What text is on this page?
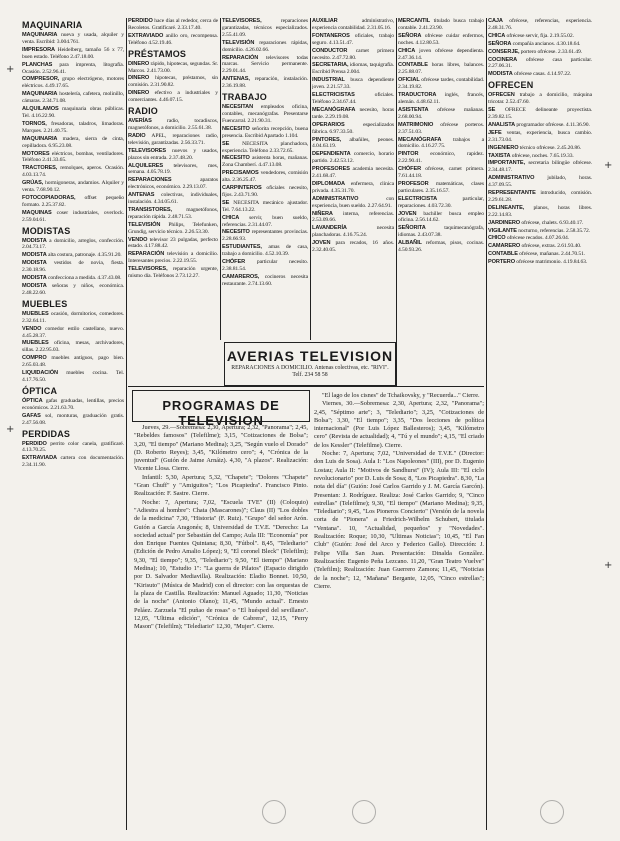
MAQUINARIA

MAQUINARIA nueva y usada, alquiler y venta. Escribid: 3.004.761.

IMPRESORA Heidelberg, tamaño 56 x 77, buen estado. Teléfono 2.47.18.00.

PLANCHAS para imprenta, litografía. Ocasión. 2.52.96.41.

COMPRESOR, grupo electrógeno, motores eléctricos. 4.49.17.65.

MAQUINARIA hostelería, cafetera, molinillo, cámaras. 2.34.71.08.

ALQUILAMOS maquinaria obras públicas. Tel. 4.16.22.90.

TORNOS, fresadoras, taladros, limadoras. Marques. 2.21.40.75.

MAQUINARIA madera, sierra de cinta, cepilladora. 6.95.23.08.

MOTORES eléctricos, bombas, ventiladores. Teléfono 2.41.33.65.

TRACTORES, remolques, aperos. Ocasión. 4.03.13.74.

GRÚAS, hormigoneras, andamios. Alquiler y venta. 7.68.90.12.

FOTOCOPIADORAS, offset pequeño formato. 2.25.37.82.

MAQUINAS coser industriales, overlock. 2.59.04.61.

MODISTAS

MODISTA a domicilio, arreglos, confección. 2.04.73.17.

MODISTA alta costura, patronaje. 4.35.91.20.

MODISTA vestidos de novia, fiesta. 2.30.18.96.

MODISTA confecciona a medida. 4.37.43.08.

MODISTA señoras y niños, económica. 2.48.22.60.

MUEBLES

MUEBLES ocasión, dormitorios, comedores. 2.32.64.11.

VENDO comedor estilo castellano, nuevo. 4.45.28.37.

MUEBLES oficina, mesas, archivadores, sillas. 2.22.95.03.

COMPRO muebles antiguos, pago bien. 2.65.03.48.

LIQUIDACIÓN muebles cocina. Tel. 4.17.76.50.

ÓPTICA

ÓPTICA gafas graduadas, lentillas, precios económicos. 2.21.63.70.

GAFAS sol, monturas, graduación gratis. 2.47.56.08.

PERDIDAS

PERDIDO perrito color canela, gratificaré. 4.13.70.25.

EXTRAVIADA cartera con documentación. 2.34.11.90.

PERDIDO hace días al rededor, cerca de Recoletos. Gratificaré. 2.33.17.40.

EXTRAVIADO anillo oro, recompensa. Teléfono 4.52.19.46.

PRÉSTAMOS

DINERO rápido, hipotecas, segundas. Sr. Marcos. 2.41.73.00.

DINERO hipotecas, préstamos, sin comisión. 2.31.90.82.

DINERO efectivo a industriales y comerciantes. 4.46.07.15.

RADIO

AVERÍAS radio, tocadiscos, magnetófonos, a domicilio. 2.55.61.38.

RADIO APEL, reparaciones radio, televisión, garantizadas. 2.56.33.71.

TELEVISORES nuevos y usados, plazos sin entrada. 2.37.48.20.

ALQUILERES televisores, mes, semana. 4.05.78.19.

REPARACIONES aparatos electrónicos, económico. 2.29.13.07.

ANTENAS colectivas, individuales, instalación. 4.34.05.61.

TRANSISTORES, magnetófonos, reparación rápida. 2.48.71.53.

TELEVISIÓN Philips, Telefunken, Grundig, servicio técnico. 2.26.53.30.

VENDO televisor 23 pulgadas, perfecto estado. 4.17.88.42.

REPARACIÓN televisión a domicilio. Interesantes precios. 2.22.19.55.

TELEVISORES, reparación urgente, mismo día. Teléfonos 2.73.12.27.

TELEVISORES, reparaciones garantizadas, técnicos especializados. 2.55.41.09.

TELEVISIÓN reparaciones rápidas, domicilio. 4.26.02.66.

REPARACIÓN televisores todas marcas. Servicio permanente. 2.29.01.44.

ANTENAS, reparación, instalación. 2.36.19.88.

TRABAJO

NECESITAN empleados oficina, contables, mecanógrafas. Presentarse Fuencarral. 2.21.90.31.

NECESITO señorita recepción, buena presencia. Escribid Apartado 1.104.

SE NECESITA planchadora, experiencia. Teléfono 2.33.72.65.

NECESITO asistenta horas, mañanas. Zona Chamberí. 4.47.13.08.

PRECISAMOS vendedores, comisión alta. 2.36.25.47.

CARPINTEROS oficiales necesito, fijos. 2.43.71.90.

SE NECESITA mecánico ajustador. Tel. 7.64.13.22.

CHICA servir, buen sueldo, referencias. 2.31.44.07.

NECESITO representantes provincias. 2.28.66.93.

ESTUDIANTES, amas de casa, trabajo a domicilio. 4.52.10.39.

CHÓFER particular necesito. 2.38.81.54.

CAMAREROS, cocineros necesita restaurante. 2.74.13.60.

AUXILIAR administrativo, experiencia contabilidad. 2.31.05.16.

FONTANEROS oficiales, trabajo seguro. 4.13.51.47.

CONDUCTOR carnet primera necesito. 2.47.72.80.

SECRETARIA, idiomas, taquigrafía. Escribid Prensa 2.004.

INDUSTRIAL busca dependiente joven. 2.21.57.33.

ELECTRICISTAS oficiales. Teléfono 2.34.67.44.

MECANÓGRAFA necesito, horas tarde. 2.29.19.08.

OPERARIOS especializados fábrica. 6.97.33.50.

PINTORES, albañiles, peones. 4.04.63.19.

DEPENDIENTA comercio, horario partido. 2.42.53.12.

PROFESORES academia necesita. 2.41.68.47.

DIPLOMADA enfermera, clínica privada. 4.35.31.70.

ADMINISTRATIVO con experiencia, buen sueldo. 2.27.64.91.

NIÑERA interna, referencias. 2.53.09.66.

LAVANDERÍA necesita planchadoras. 4.16.75.24.

JOVEN para recados, 16 años. 2.32.40.05.

MERCANTIL titulado busca trabajo contable. 2.41.23.90.

SEÑORA ofrécese cuidar enfermos, noches. 4.12.80.53.

CHICA joven ofrécese dependienta. 2.47.36.14.

CONTABLE horas libres, balances. 2.25.88.07.

OFICIAL ofrécese tardes, contabilidad. 2.34.19.82.

TRADUCTORA inglés, francés, alemán. 4.48.62.11.

ASISTENTA ofrécese mañanas. 2.68.00.94.

MATRIMONIO ofrécese porteros. 2.37.51.03.

MECANÓGRAFA trabajos a domicilio. 4.16.27.75.

PINTOR económico, rapidez. 2.22.90.41.

CHÓFER ofrécese, carnet primera. 7.61.44.18.

PROFESOR matemáticas, clases particulares. 2.35.16.57.

ELECTRICISTA particular, reparaciones. 4.03.72.30.

JOVEN bachiller busca empleo oficina. 2.56.14.62.

SEÑORITA taquimecanógrafa, idiomas. 2.43.07.38.

ALBAÑIL reformas, pisos, cocinas. 4.50.93.26.

CAJA ofrécese, referencias, experiencia. 2.48.31.76.

CHICA ofrécese servir, fija. 2.19.55.02.

SEÑORA compañía ancianos. 4.30.18.64.

CONSERJE, portero ofrécese. 2.33.61.49.

COCINERA ofrécese casa particular. 2.27.06.31.

MODISTA ofrécese casas. 4.14.97.22.

OFRECEN

OFRECEN trabajo a domicilio, máquina tricotar. 2.52.47.60.

SE OFRECE delineante proyectista. 2.39.82.15.

ANALISTA programador ofrécese. 4.11.36.90.

JEFE ventas, experiencia, busca cambio. 2.31.73.04.

INGENIERO técnico ofrécese. 2.45.20.86.

TAXISTA ofrécese, noches. 7.65.19.33.

IMPORTANTE, secretaria bilingüe ofrécese. 2.34.48.17.

ADMINISTRATIVO jubilado, horas. 4.37.09.55.

REPRESENTANTE introducido, comisión. 2.29.61.28.

DELINEANTE, planos, horas libres. 2.22.14.83.

JARDINERO ofrécese, chalets. 6.93.40.17.

VIGILANTE nocturno, referencias. 2.58.35.72.

CHICO ofrécese recados. 4.07.26.04.

CAMARERO ofrécese, extras. 2.61.93.40.

CONTABLE ofrécese, mañanas. 2.44.70.51.

PORTERO ofrécese matrimonio. 4.19.84.63.

AVERIAS TELEVISION
REPARACIONES A DOMICILIO. Antenas colectivas, etc. "RIVI". Telf. 234 58 58
PROGRAMAS DE TELEVISION

Jueves, 29.—Sobremesa: 2,30, Apertura; 2,32, "Panorama"; 2,45, "Rebeldes famosos" (Telefilme); 3,15, "Cotizaciones de Bolsa"; 3,20, "El tiempo" (Mariano Medina); 3,25, "Según vuelo el Dorado" (D. Roberto Reyes); 3,45, "Kilómetro cero"; 4, "Crónica de la juventud" (Guión de Jaime Arnáiz). 4,30, "A plazos". Realización: Vicente Llosa. Cierre.

Infantil: 5,30, Apertura; 5,32, "Chapete"; "Dolores "Chapete" "Gran Chuff" y "Amiguitos"; "Los Picapiedra". Francisco Pinto. Realización: F. Sastre. Cierre.

Noche: 7, Apertura; 7,02, "Escuela TVE" (II) (Coloquio) "Adiestra al hombre": Chata (Mascarones)"; Claus (II) "Los dobles de la medicina" 7,30, "Historia" (F. Ruiz). "Grupo" del señor Arón. Guión a García Aragonés; 8, Universidad de T.V.E. "Derecho: La sociedad actual" por Sebastián del Campo; Aula III: "Economía" por don Enrique Fuentes Quintana; 8,30, "Fútbol". 8,45, "Telediario" (Edición de Pedro Amalio López); 9, "El coronel Bleck" (Telefilm); 9,30, "El tiempo"; 9,35, "Telediario"; 9,50, "El tiempo" (Mariano Medina); 10, "Estudio 1": "La guerra de Pilatos" (Espacio dirigido por D. Salvador Mediavilla). Realización: Eladio Bonnet. 10,50, "Kirisuto" (Música de Madrid) con el director: con las orquestas de la plaza de Castilla. Realización: Manuel Aguado; 11,30, "Noticias de la noche" (Antonio Olano); 11,45, "Mundo actual". Ernesto Peláez. Zarzuela "El puñao de rosas" o "El huésped del sevillano". 12,05, "Ultima edición", "Crónica de Cabrera", 12,15, "Perry Mason" (Telefilm); "Telediario" 12,30, "Mujer". Cierre.

"El lago de los cisnes" de Tchaikovsky, y "Recuerda..." Cierre.

Viernes, 30.—Sobremesa: 2,30, Apertura; 2,32, "Panorama"; 2,45, "Séptimo arte"; 3, "Telediario"; 3,25, "Cotizaciones de Bolsa"; 3,30, "El tiempo"; 3,35, "Dos lecciones de política internacional" (Por Luis López Ballesteros); 3,45, "Kilómetro cero" (Revista de actualidad); 4, "Tú y el mundo"; 4,15, "El criado de los Kessler" (Telefilme). Cierre.

Noche: 7, Apertura; 7,02, "Universidad de T.V.E." (Director: don Luis de Sosa). Aula I: "Los Napoleones" (III), por D. Eugenio Lostau; Aula II: "Motivos de Sandhurst" (IV); Aula III: "El ciclo revolucionario" por D. Luis de Sosa; 8, "Los Picapiedra". 8,30, "La nota del día" (Guión: José Carlos Garrido y J. M. García Garcón). Presentan: J. Rodríguez. Realiza: José Carlos Garrido; 9, "Cinco estrellas" (Telefilme); 9,30, "El tiempo" (Mariano Medina); 9,35, "Telediario"; 9,45, "Los Pioneros Concierto" (Versión de la novela corta de "Pionera" a Friedrich-Wilhelm Schubert, titulada "Ventana". 10, "Actualidad, pequeños" y "Novedades". Realización: Roque; 10,30, "Ultimas Noticias"; 10,45, "El Fan Club" (Guión: José del Arco y Federico Gallo). Dirección: J. Felipe Villa San Juan. Presentación: Dinalda González. Realización: Eugenio Peña Lezcano. 11,20, "Gran Teatro Vuelve" (Telefilm); Realización: Juan Guerrero Zamora; 11,45, "Noticias de la noche"; 12, "Mañana" Bergante, 12,05, "Cinco estrellas"; Cierre.

+
+
+
+
